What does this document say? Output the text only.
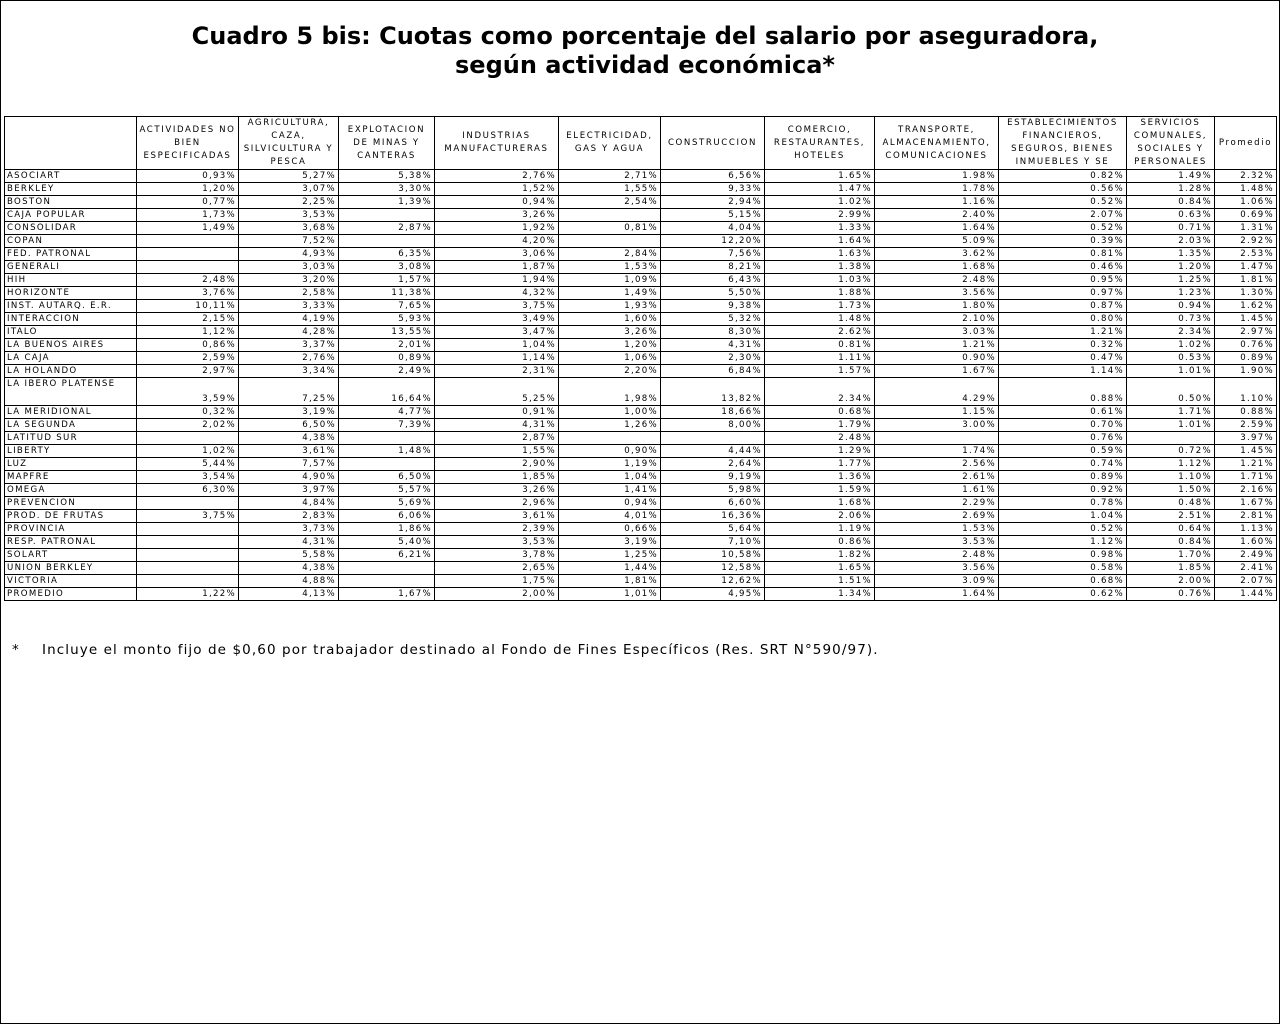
Cuadro 5 bis: Cuotas como porcentaje del salario por aseguradora,
según actividad económica*
	ACTIVIDADES NO BIEN ESPECIFICADAS	AGRICULTURA, CAZA, SILVICULTURA Y PESCA	EXPLOTACION DE MINAS Y CANTERAS	INDUSTRIAS MANUFACTURERAS	ELECTRICIDAD, GAS Y AGUA	CONSTRUCCION	COMERCIO, RESTAURANTES, HOTELES	TRANSPORTE, ALMACENAMIENTO, COMUNICACIONES	ESTABLECIMIENTOS FINANCIEROS, SEGUROS, BIENES INMUEBLES Y SE	SERVICIOS COMUNALES, SOCIALES Y PERSONALES	Promedio
ASOCIART	0,93%	5,27%	5,38%	2,76%	2,71%	6,56%	1.65%	1.98%	0.82%	1.49%	2.32%
BERKLEY	1,20%	3,07%	3,30%	1,52%	1,55%	9,33%	1.47%	1.78%	0.56%	1.28%	1.48%
BOSTON	0,77%	2,25%	1,39%	0,94%	2,54%	2,94%	1.02%	1.16%	0.52%	0.84%	1.06%
CAJA POPULAR	1,73%	3,53%		3,26%		5,15%	2.99%	2.40%	2.07%	0.63%	0.69%
CONSOLIDAR	1,49%	3,68%	2,87%	1,92%	0,81%	4,04%	1.33%	1.64%	0.52%	0.71%	1.31%
COPAN		7,52%		4,20%		12,20%	1.64%	5.09%	0.39%	2.03%	2.92%
FED. PATRONAL		4,93%	6,35%	3,06%	2,84%	7,56%	1.63%	3.62%	0.81%	1.35%	2.53%
GENERALI		3,03%	3,08%	1,87%	1,53%	8,21%	1.38%	1.68%	0.46%	1.20%	1.47%
HIH	2,48%	3,20%	1,57%	1,94%	1,09%	6,43%	1.03%	2.48%	0.95%	1.25%	1.81%
HORIZONTE	3,76%	2,58%	11,38%	4,32%	1,49%	5,50%	1.88%	3.56%	0.97%	1.23%	1.30%
INST. AUTARQ. E.R.	10,11%	3,33%	7,65%	3,75%	1,93%	9,38%	1.73%	1.80%	0.87%	0.94%	1.62%
INTERACCION	2,15%	4,19%	5,93%	3,49%	1,60%	5,32%	1.48%	2.10%	0.80%	0.73%	1.45%
ITALO	1,12%	4,28%	13,55%	3,47%	3,26%	8,30%	2.62%	3.03%	1.21%	2.34%	2.97%
LA BUENOS AIRES	0,86%	3,37%	2,01%	1,04%	1,20%	4,31%	0.81%	1.21%	0.32%	1.02%	0.76%
LA CAJA	2,59%	2,76%	0,89%	1,14%	1,06%	2,30%	1.11%	0.90%	0.47%	0.53%	0.89%
LA HOLANDO	2,97%	3,34%	2,49%	2,31%	2,20%	6,84%	1.57%	1.67%	1.14%	1.01%	1.90%
LA IBERO PLATENSE	3,59%	7,25%	16,64%	5,25%	1,98%	13,82%	2.34%	4.29%	0.88%	0.50%	1.10%
LA MERIDIONAL	0,32%	3,19%	4,77%	0,91%	1,00%	18,66%	0.68%	1.15%	0.61%	1.71%	0.88%
LA SEGUNDA	2,02%	6,50%	7,39%	4,31%	1,26%	8,00%	1.79%	3.00%	0.70%	1.01%	2.59%
LATITUD SUR		4,38%		2,87%			2.48%		0.76%		3.97%
LIBERTY	1,02%	3,61%	1,48%	1,55%	0,90%	4,44%	1.29%	1.74%	0.59%	0.72%	1.45%
LUZ	5,44%	7,57%		2,90%	1,19%	2,64%	1.77%	2.56%	0.74%	1.12%	1.21%
MAPFRE	3,54%	4,90%	6,50%	1,85%	1,04%	9,19%	1.36%	2.61%	0.89%	1.10%	1.71%
OMEGA	6,30%	3,97%	5,57%	3,26%	1,41%	5,98%	1.59%	1.61%	0.92%	1.50%	2.16%
PREVENCION		4,84%	5,69%	2,96%	0,94%	6,60%	1.68%	2.29%	0.78%	0.48%	1.67%
PROD. DE FRUTAS	3,75%	2,83%	6,06%	3,61%	4,01%	16,36%	2.06%	2.69%	1.04%	2.51%	2.81%
PROVINCIA		3,73%	1,86%	2,39%	0,66%	5,64%	1.19%	1.53%	0.52%	0.64%	1.13%
RESP. PATRONAL		4,31%	5,40%	3,53%	3,19%	7,10%	0.86%	3.53%	1.12%	0.84%	1.60%
SOLART		5,58%	6,21%	3,78%	1,25%	10,58%	1.82%	2.48%	0.98%	1.70%	2.49%
UNION BERKLEY		4,38%		2,65%	1,44%	12,58%	1.65%	3.56%	0.58%	1.85%	2.41%
VICTORIA		4,88%		1,75%	1,81%	12,62%	1.51%	3.09%	0.68%	2.00%	2.07%
PROMEDIO	1,22%	4,13%	1,67%	2,00%	1,01%	4,95%	1.34%	1.64%	0.62%	0.76%	1.44%
* Incluye el monto fijo de $0,60 por trabajador destinado al Fondo de Fines Específicos (Res. SRT N°590/97).
